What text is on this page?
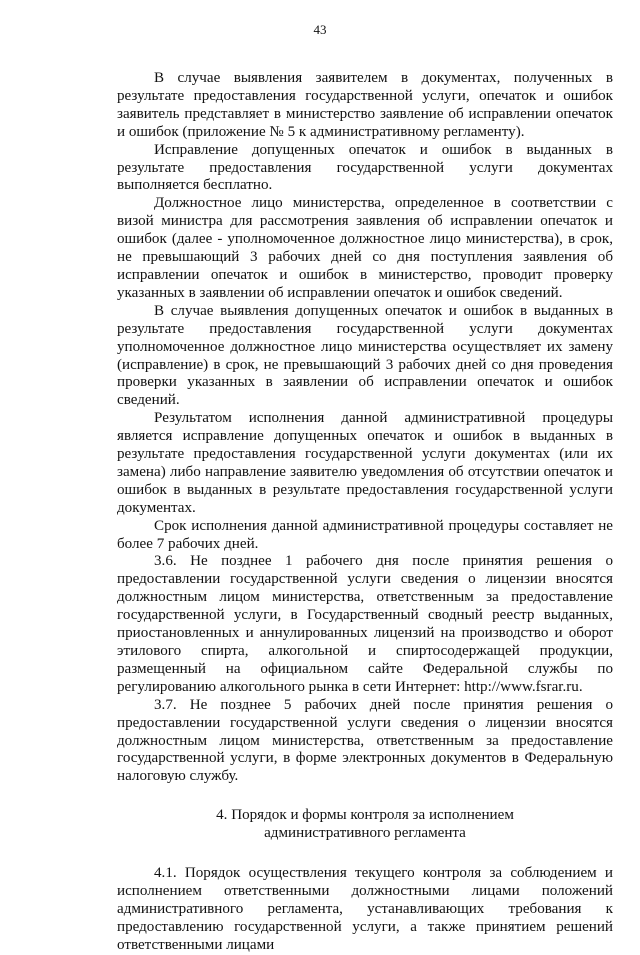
43

В случае выявления заявителем в документах, полученных в результате предоставления государственной услуги, опечаток и ошибок заявитель представляет в министерство заявление об исправлении опечаток и ошибок (приложение № 5 к административному регламенту).

Исправление допущенных опечаток и ошибок в выданных в результате предоставления государственной услуги документах выполняется бесплатно.

Должностное лицо министерства, определенное в соответствии с визой министра для рассмотрения заявления об исправлении опечаток и ошибок (далее - уполномоченное должностное лицо министерства), в срок, не превышающий 3 рабочих дней со дня поступления заявления об исправлении опечаток и ошибок в министерство, проводит проверку указанных в заявлении об исправлении опечаток и ошибок сведений.

В случае выявления допущенных опечаток и ошибок в выданных в результате предоставления государственной услуги документах уполномоченное должностное лицо министерства осуществляет их замену (исправление) в срок, не превышающий 3 рабочих дней со дня проведения проверки указанных в заявлении об исправлении опечаток и ошибок сведений.

Результатом исполнения данной административной процедуры является исправление допущенных опечаток и ошибок в выданных в результате предоставления государственной услуги документах (или их замена) либо направление заявителю уведомления об отсутствии опечаток и ошибок в выданных в результате предоставления государственной услуги документах.

Срок исполнения данной административной процедуры составляет не более 7 рабочих дней.

3.6. Не позднее 1 рабочего дня после принятия решения о предоставлении государственной услуги сведения о лицензии вносятся должностным лицом министерства, ответственным за предоставление государственной услуги, в Государственный сводный реестр выданных, приостановленных и аннулированных лицензий на производство и оборот этилового спирта, алкогольной и спиртосодержащей продукции, размещенный на официальном сайте Федеральной службы по регулированию алкогольного рынка в сети Интернет: http://www.fsrar.ru.

3.7. Не позднее 5 рабочих дней после принятия решения о предоставлении государственной услуги сведения о лицензии вносятся должностным лицом министерства, ответственным за предоставление государственной услуги, в форме электронных документов в Федеральную налоговую службу.

4. Порядок и формы контроля за исполнением
административного регламента

4.1. Порядок осуществления текущего контроля за соблюдением и исполнением ответственными должностными лицами положений административного регламента, устанавливающих требования к предоставлению государственной услуги, а также принятием решений ответственными лицами
